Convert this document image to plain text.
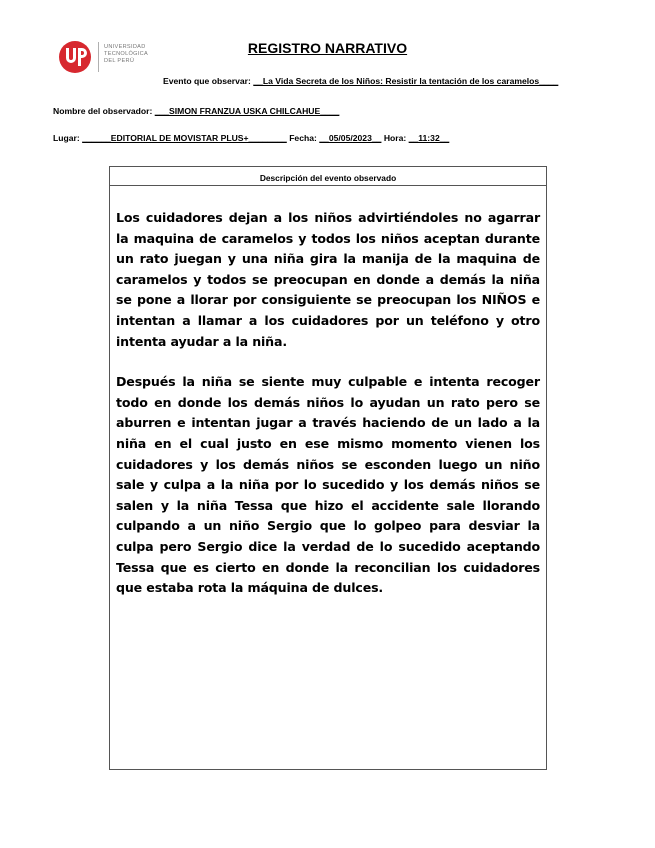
UNIVERSIDAD
TECNOLÓGICA
DEL PERÚ
REGISTRO NARRATIVO
Evento que observar: __La Vida Secreta de los Niños: Resistir la tentación de los caramelos____
Nombre del observador: ___SIMON FRANZUA USKA CHILCAHUE____
Lugar: ______EDITORIAL DE MOVISTAR PLUS+________ Fecha: __05/05/2023__ Hora: __11:32__
Descripción del evento observado

Los cuidadores dejan a los niños advirtiéndoles no agarrar la maquina de caramelos y todos los niños aceptan durante un rato juegan y una niña gira la manija de la maquina de caramelos y todos se preocupan en donde a demás la niña se pone a llorar por consiguiente se preocupan los NIÑOS e intentan a llamar a los cuidadores por un teléfono y otro intenta ayudar a la niña.

Después la niña se siente muy culpable e intenta recoger todo en donde los demás niños lo ayudan un rato pero se aburren e intentan jugar a través haciendo de un lado a la niña en el cual justo en ese mismo momento vienen los cuidadores y los demás niños se esconden luego un niño sale y culpa a la niña por lo sucedido y los demás niños se salen y la niña Tessa que hizo el accidente sale llorando culpando a un niño Sergio que lo golpeo para desviar la culpa pero Sergio dice la verdad de lo sucedido aceptando Tessa que es cierto en donde la reconcilian los cuidadores que estaba rota la máquina de dulces.
